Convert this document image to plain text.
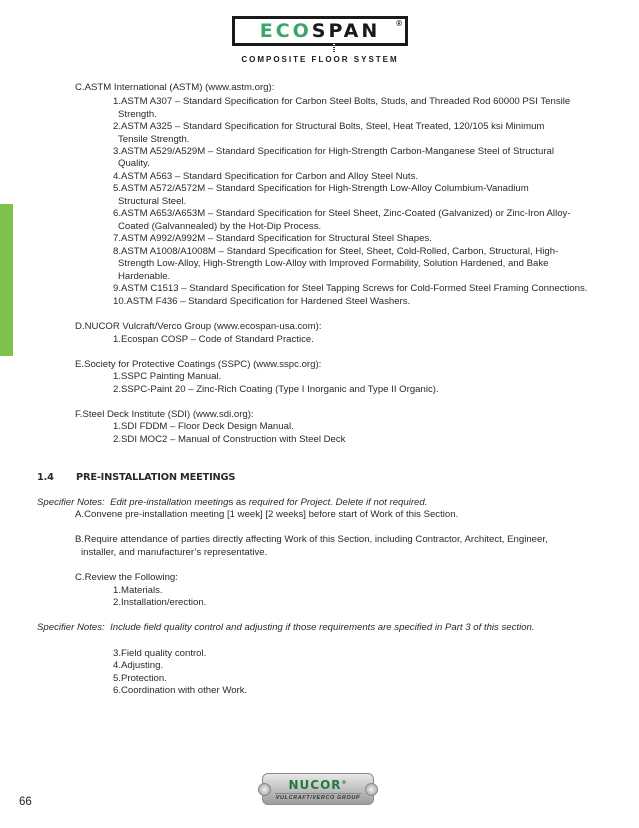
ECOSPAN ®
COMPOSITE FLOOR SYSTEM
C.ASTM International (ASTM) (www.astm.org):
1.ASTM A307 – Standard Specification for Carbon Steel Bolts, Studs, and Threaded Rod 60000 PSI Tensile
Strength.
2.ASTM A325 – Standard Specification for Structural Bolts, Steel, Heat Treated, 120/105 ksi Minimum
Tensile Strength.
3.ASTM A529/A529M – Standard Specification for High-Strength Carbon-Manganese Steel of Structural
Quality.
4.ASTM A563 – Standard Specification for Carbon and Alloy Steel Nuts.
5.ASTM A572/A572M – Standard Specification for High-Strength Low-Alloy Columbium-Vanadium
Structural Steel.
6.ASTM A653/A653M – Standard Specification for Steel Sheet, Zinc-Coated (Galvanized) or Zinc-Iron Alloy-
Coated (Galvannealed) by the Hot-Dip Process.
7.ASTM A992/A992M – Standard Specification for Structural Steel Shapes.
8.ASTM A1008/A1008M – Standard Specification for Steel, Sheet, Cold-Rolled, Carbon, Structural, High-
Strength Low-Alloy, High-Strength Low-Alloy with Improved Formability, Solution Hardened, and Bake
Hardenable.
9.ASTM C1513 – Standard Specification for Steel Tapping Screws for Cold-Formed Steel Framing Connections.
10.ASTM F436 – Standard Specification for Hardened Steel Washers.
D.NUCOR Vulcraft/Verco Group (www.ecospan-usa.com):
1.Ecospan COSP – Code of Standard Practice.
E.Society for Protective Coatings (SSPC) (www.sspc.org):
1.SSPC Painting Manual.
2.SSPC-Paint 20 – Zinc-Rich Coating (Type I Inorganic and Type II Organic).
F.Steel Deck Institute (SDI) (www.sdi.org):
1.SDI FDDM – Floor Deck Design Manual.
2.SDI MOC2 – Manual of Construction with Steel Deck
1.4 PRE-INSTALLATION MEETINGS
Specifier Notes: Edit pre-installation meetings as required for Project. Delete if not required.
A.Convene pre-installation meeting [1 week] [2 weeks] before start of Work of this Section.
B.Require attendance of parties directly affecting Work of this Section, including Contractor, Architect, Engineer,
installer, and manufacturer’s representative.
C.Review the Following:
1.Materials.
2.Installation/erection.
Specifier Notes: Include field quality control and adjusting if those requirements are specified in Part 3 of this section.
3.Field quality control.
4.Adjusting.
5.Protection.
6.Coordination with other Work.
66
NUCOR®
VULCRAFT/VERCO GROUP
